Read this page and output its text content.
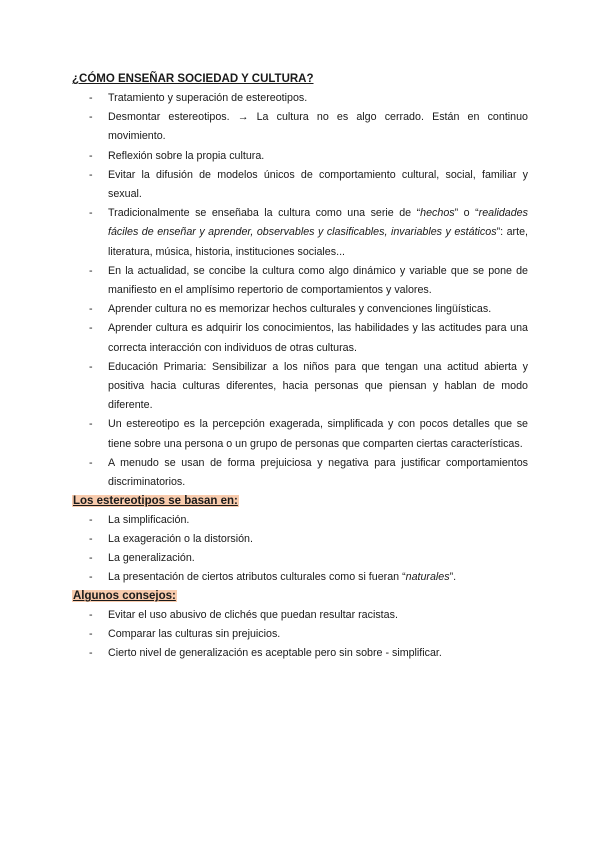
¿CÓMO ENSEÑAR SOCIEDAD Y CULTURA?
- Tratamiento y superación de estereotipos.
- Desmontar estereotipos. → La cultura no es algo cerrado. Están en continuo movimiento.
- Reflexión sobre la propia cultura.
- Evitar la difusión de modelos únicos de comportamiento cultural, social, familiar y sexual.
- Tradicionalmente se enseñaba la cultura como una serie de “hechos” o “realidades fáciles de enseñar y aprender, observables y clasificables, invariables y estáticos”: arte, literatura, música, historia, instituciones sociales...
- En la actualidad, se concibe la cultura como algo dinámico y variable que se pone de manifiesto en el amplísimo repertorio de comportamientos y valores.
- Aprender cultura no es memorizar hechos culturales y convenciones lingüísticas.
- Aprender cultura es adquirir los conocimientos, las habilidades y las actitudes para una correcta interacción con individuos de otras culturas.
- Educación Primaria: Sensibilizar a los niños para que tengan una actitud abierta y positiva hacia culturas diferentes, hacia personas que piensan y hablan de modo diferente.
- Un estereotipo es la percepción exagerada, simplificada y con pocos detalles que se tiene sobre una persona o un grupo de personas que comparten ciertas características.
- A menudo se usan de forma prejuiciosa y negativa para justificar comportamientos discriminatorios.
Los estereotipos se basan en:
- La simplificación.
- La exageración o la distorsión.
- La generalización.
- La presentación de ciertos atributos culturales como si fueran “naturales”.
Algunos consejos:
- Evitar el uso abusivo de clichés que puedan resultar racistas.
- Comparar las culturas sin prejuicios.
- Cierto nivel de generalización es aceptable pero sin sobre - simplificar.
